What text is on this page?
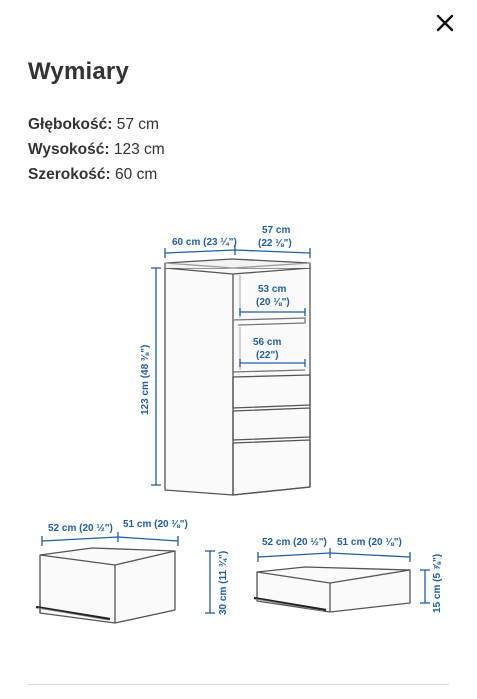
Wymiary
Głębokość: 57 cm
Wysokość: 123 cm
Szerokość: 60 cm
60 cm (23 ¼")
57 cm
(22 ⅛")
123 cm (48 ⅜")
53 cm
(20 ⅛")
56 cm
(22")
52 cm (20 ½") 51 cm (20 ⅛")
30 cm (11 ¾")
52 cm (20 ½") 51 cm (20 ⅛")
15 cm (5 ⅞")
